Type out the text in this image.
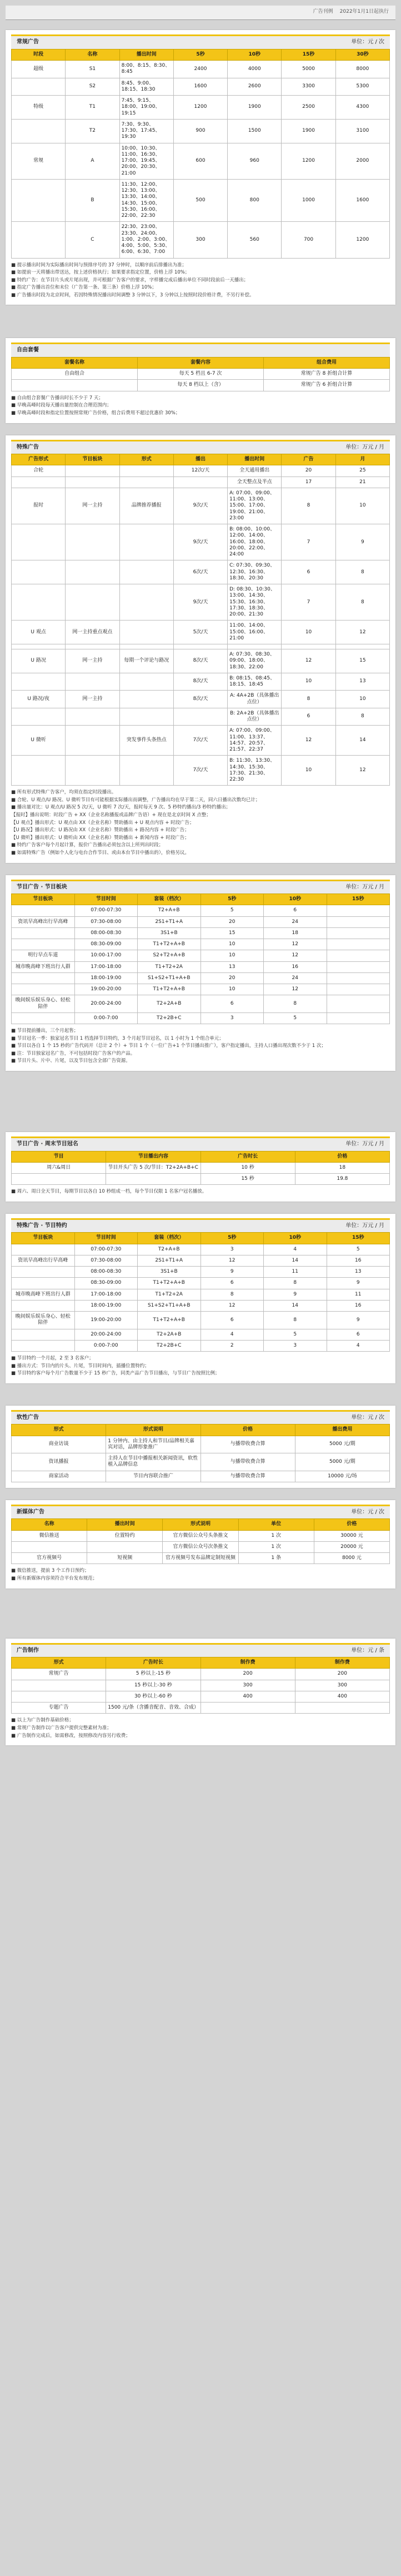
广告刊例 2022年1月1日起执行
常规广告	单位：元 / 次
时段	名称	播出时间	5秒	10秒	15秒	30秒
超级	S1	8:00、8:15、8:30、8:45	2400	4000	5000	8000
	S2	8:45、9:00、18:15、18:30	1600	2600	3300	5300
特级	T1	7:45、9:15、18:00、19:00、19:15	1200	1900	2500	4300
	T2	7:30、9:30、17:30、17:45、19:30	900	1500	1900	3100
常规	A	10:00、10:30、11:00、16:30、17:00、19:45、20:00、20:30、21:00	600	960	1200	2000
	B	11:30、12:00、12:30、13:00、13:30、14:00、14:30、15:00、15:30、16:00、22:00、22:30	500	800	1000	1600
	C	22:30、23:00、23:30、24:00、1:00、2:00、3:00、4:00、5:00、5:30、6:00、6:30、7:00	300	560	700	1200
■ 提示播出时间为实际播出时间与预排序号的 37 分钟时，以顺序前后排播出为准；
■ 如提前一天将播出带送达，按上述价格执行；如果要求指定位置，价格上浮 10%；
■ 特约广告：在节目片头或片尾出现，并可根据广告客户的要求，字样播完成后播出单位不同时段前后一天播出；
■ 指定广告播出首位和末位（广告第一条、第三条）价格上浮 10%；
■ 广告播出时段为北京时间，若因特殊情况播出时间调整 3 分钟以下，3 分钟以上按照时段价格计费，不另行补偿。
自由套餐
套餐名称	套餐内容	组合费用
自由组合	每天 5 档且 6-7 次	常规广告 8 折组合计算
	每天 8 档以上（含）	常规广告 6 折组合计算
■ 自由组合套餐广告播出时长不少于 7 天；
■ 早晚高峰时段每天播出量控制在合理范围内；
■ 早晚高峰时段和指定位置按照常规广告价格，组合后费用不超过优惠价 30%；
特殊广告	单位：万元 / 月
广告形式	节目板块	形式	播出	播出时间	广告	月
合轮			12次/天	全天通用播出	20	25
				全天整点及半点	17	21
报时	网一主持	品牌推荐播报	9次/天	A: 07:00、09:00、11:00、13:00、15:00、17:00、19:00、21:00、23:00	8	10
			9次/天	B: 08:00、10:00、12:00、14:00、16:00、18:00、20:00、22:00、24:00	7	9
			6次/天	C: 07:30、09:30、12:30、16:30、18:30、20:30	6	8
			9次/天	D: 08:30、10:30、13:00、14:30、15:30、16:30、17:30、18:30、20:00、21:30	7	8
U 观点	网一主持重点观点		5次/天	11:00、14:00、15:00、16:00、21:00	10	12

U 路况	网一主持	每期一个评论与路况	8次/天	A: 07:30、08:30、09:00、18:00、18:30、22:00	12	15
			8次/天	B: 08:15、08:45、18:15、18:45	10	13
U 路况/夜	网一主持		8次/天	A: 4A+2B（具体播出点位）	8	10
				B: 2A+2B（具体播出点位）	6	8
U 微听		突发事件头条热点	7次/天	A: 07:00、09:00、11:00、13:37、14:57、20:57、21:57、22:37	12	14
			7次/天	B: 11:30、13:30、14:30、15:30、17:30、21:30、22:30	10	12
■ 所有形式特殊广告客户，均须在指定时段播出。
■ 合轮、U 观点/U 路况、U 微听节目有可能根据实际播出而调整，广告播出均在早于第二天，同六日播出次数均已计；
■ 播出量对比：U 观点/U 路况 5 次/天，U 微听 7 次/天，报时每天 9 次、5 秒特约播出/3 秒特约播出；
【报时】播出说明：时段广告 + XX（企业名称播报或品牌广告语）+ 现在是北京时间 X 点整；
【U 观点】播出形式：U 观点由 XX（企业名称）赞助播出 + U 观点内容 + 时段广告；
【U 路况】播出形式：U 路况由 XX（企业名称）赞助播出 + 路况内容 + 时段广告；
【U 微听】播出形式：U 微听由 XX（企业名称）赞助播出 + 新闻内容 + 时段广告；
■ 特约广告客户每个月起计算，报价广告播出必须包含以上所列出时段；
■ 如需特殊广告（例如个人化与电台合作节目、或由本台节目中播出的），价格另议。
节目广告 · 节目板块	单位：万元 / 月
节目板块	节目时间	套装（档次）	5秒	10秒	15秒
	07:00-07:30	T2+A+B	5	6	
资讯早高峰出行早高峰	07:30-08:00	2S1+T1+A	20	24	
	08:00-08:30	3S1+B	15	18	
	08:30-09:00	T1+T2+A+B	10	12	
明行早点车道	10:00-17:00	S2+T2+A+B	10	12	
城市晚高峰下班出行人群	17:00-18:00	T1+T2+2A	13	16	
	18:00-19:00	S1+S2+T1+A+B	20	24	
	19:00-20:00	T1+T2+A+B	10	12	
晚间娱乐娱乐身心、轻松陪伴	20:00-24:00	T2+2A+B	6	8	
	0:00-7:00	T2+2B+C	3	5	
■ 节目提前播出，三个月起售；
■ 节目冠名一季：独家冠名节目 1 档选择节目特约，3 个月起节目冠名，以 1 小时为 1 个组合单元；
■ 节目以各自 1 个 15 秒的广告代码开（总计 2 个）+ 节目 1 个（一位广告+1 个节目播出推广），客户指定播出，主持人口播出现次数不少于 1 次；
■ 注：节目独家冠名广告，不可包括时段广告客户的产品。
■ 节目片头、片中、片尾，以及节目包含全部广告资源。
节日广告 · 周末节目冠名	单位：万元 / 月
节目	节目播出内容	广告时长	价格
周六&周日	节目开头广告 5 次/节目：T2+2A+B+C	10 秒	18
		15 秒	19.8
■ 周六、周日全天节目，每期节目以各自 10 秒组成一档，每个节目仅限 1 名客户冠名播放。
特殊广告 · 节目特约	单位：万元 / 月
节目板块	节目时间	套装（档次）	5秒	10秒	15秒
	07:00-07:30	T2+A+B	3	4	5
资讯早高峰出行早高峰	07:30-08:00	2S1+T1+A	12	14	16
	08:00-08:30	3S1+B	9	11	13
	08:30-09:00	T1+T2+A+B	6	8	9
城市晚高峰下班出行人群	17:00-18:00	T1+T2+2A	8	9	11
	18:00-19:00	S1+S2+T1+A+B	12	14	16
晚间娱乐娱乐身心、轻松陪伴	19:00-20:00	T1+T2+A+B	6	8	9
	20:00-24:00	T2+2A+B	4	5	6
	0:00-7:00	T2+2B+C	2	3	4
■ 节目特约一个月起，2 至 3 名客户；
■ 播出方式：节目内的片头、片尾，节目时间内，插播位置特约；
■ 节目特约客户每个月广告数量不少于 15 秒广告，同类产品广告节目播出，与节目广告按照比例；
软性广告	单位：元 / 次
形式	形式说明	价格	播出费用
商业访谈	1 分钟内、由主持人和节目/品牌相关嘉宾对话，品牌形象推广	与播带收费合算	5000 元/期
资讯播报	主持人在节目中播报相关新闻资讯，软性植入品牌信息	与播带收费合算	5000 元/期
商家活动	节目内容联合推广	与播带收费合算	10000 元/场
新媒体广告	单位：元 / 次
名称	播出时间	形式说明	单位	价格
微信推送	位置特约	官方微信公众号头条推文	1 次	30000 元
		官方微信公众号次条推文	1 次	20000 元
官方视频号	短视频	官方视频号发布品牌定制短视频	1 条	8000 元
■ 微信推送，提前 3 个工作日预约；
■ 所有新媒体内容须符合平台发布规范；
广告制作	单位：元 / 条
形式	广告时长	制作费	制作费
常规广告	5 秒以上-15 秒	200	200
	15 秒以上-30 秒	300	300
	30 秒以上-60 秒	400	400
专题广告	1500 元/条（含播音配音、音效、合成）		
■ 以上为广告制作基础价格；
■ 常规广告制作以广告客户提供完整素材为准；
■ 广告制作完成后，如需修改，按照修改内容另行收费；
